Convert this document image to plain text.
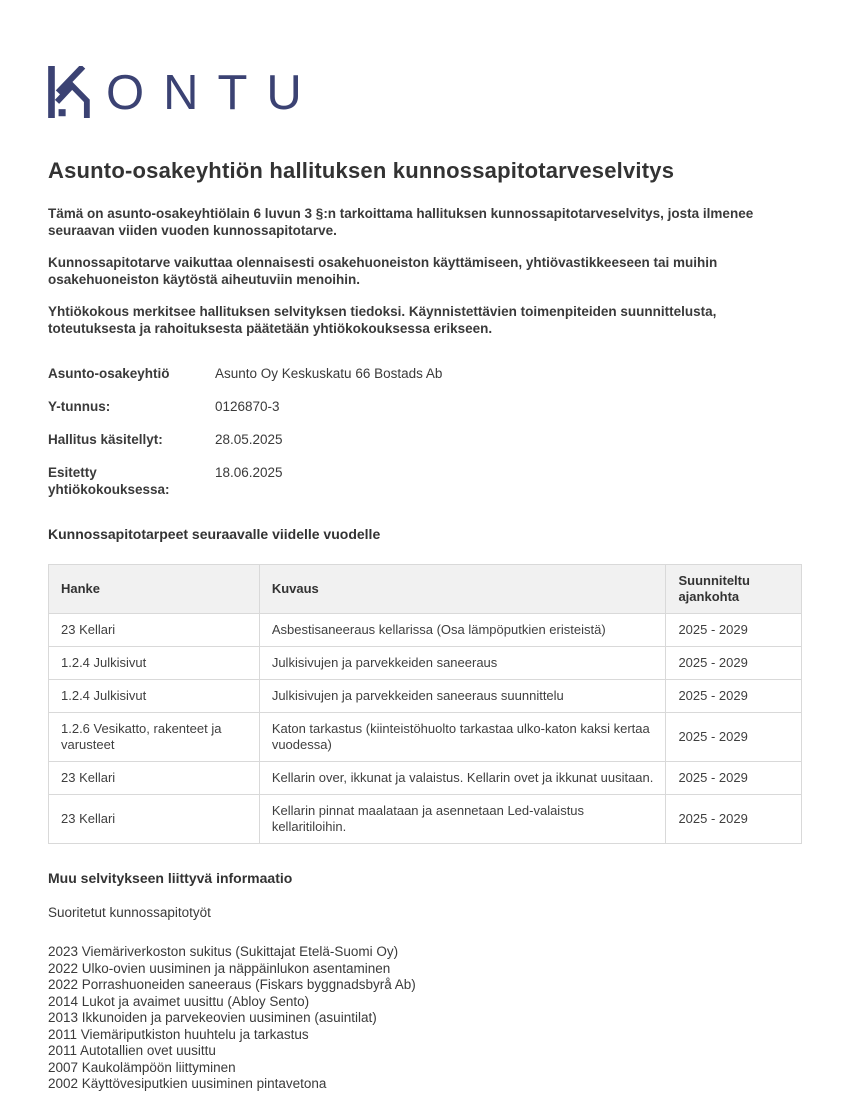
ONTU
Asunto-osakeyhtiön hallituksen kunnossapitotarveselvitys

Tämä on asunto-osakeyhtiölain 6 luvun 3 §:n tarkoittama hallituksen kunnossapitotarveselvitys, josta ilmenee seuraavan viiden vuoden kunnossapitotarve.

Kunnossapitotarve vaikuttaa olennaisesti osakehuoneiston käyttämiseen, yhtiövastikkeeseen tai muihin osakehuoneiston käytöstä aiheutuviin menoihin.

Yhtiökokous merkitsee hallituksen selvityksen tiedoksi. Käynnistettävien toimenpiteiden suunnittelusta, toteutuksesta ja rahoituksesta päätetään yhtiökokouksessa erikseen.

Asunto-osakeyhtiö	Asunto Oy Keskuskatu 66 Bostads Ab
Y-tunnus:	0126870-3
Hallitus käsitellyt:	28.05.2025
Esitetty yhtiökokouksessa:
18.06.2025
Kunnossapitotarpeet seuraavalle viidelle vuodelle
Hanke	Kuvaus	Suunniteltu ajankohta
23 Kellari	Asbestisaneeraus kellarissa (Osa lämpöputkien eristeistä)	2025 - 2029
1.2.4 Julkisivut	Julkisivujen ja parvekkeiden saneeraus	2025 - 2029
1.2.4 Julkisivut	Julkisivujen ja parvekkeiden saneeraus suunnittelu	2025 - 2029
1.2.6 Vesikatto, rakenteet ja varusteet	Katon tarkastus (kiinteistöhuolto tarkastaa ulko-katon kaksi kertaa vuodessa)	2025 - 2029
23 Kellari	Kellarin over, ikkunat ja valaistus. Kellarin ovet ja ikkunat uusitaan.	2025 - 2029
23 Kellari	Kellarin pinnat maalataan ja asennetaan Led-valaistus kellaritiloihin.	2025 - 2029
Muu selvitykseen liittyvä informaatio

Suoritetut kunnossapitotyöt

2023 Viemäriverkoston sukitus (Sukittajat Etelä-Suomi Oy)
2022 Ulko-ovien uusiminen ja näppäinlukon asentaminen
2022 Porrashuoneiden saneeraus (Fiskars byggnadsbyrå Ab)
2014 Lukot ja avaimet uusittu (Abloy Sento)
2013 Ikkunoiden ja parvekeovien uusiminen (asuintilat)
2011 Viemäriputkiston huuhtelu ja tarkastus
2011 Autotallien ovet uusittu
2007 Kaukolämpöön liittyminen
2002 Käyttövesiputkien uusiminen pintavetona
